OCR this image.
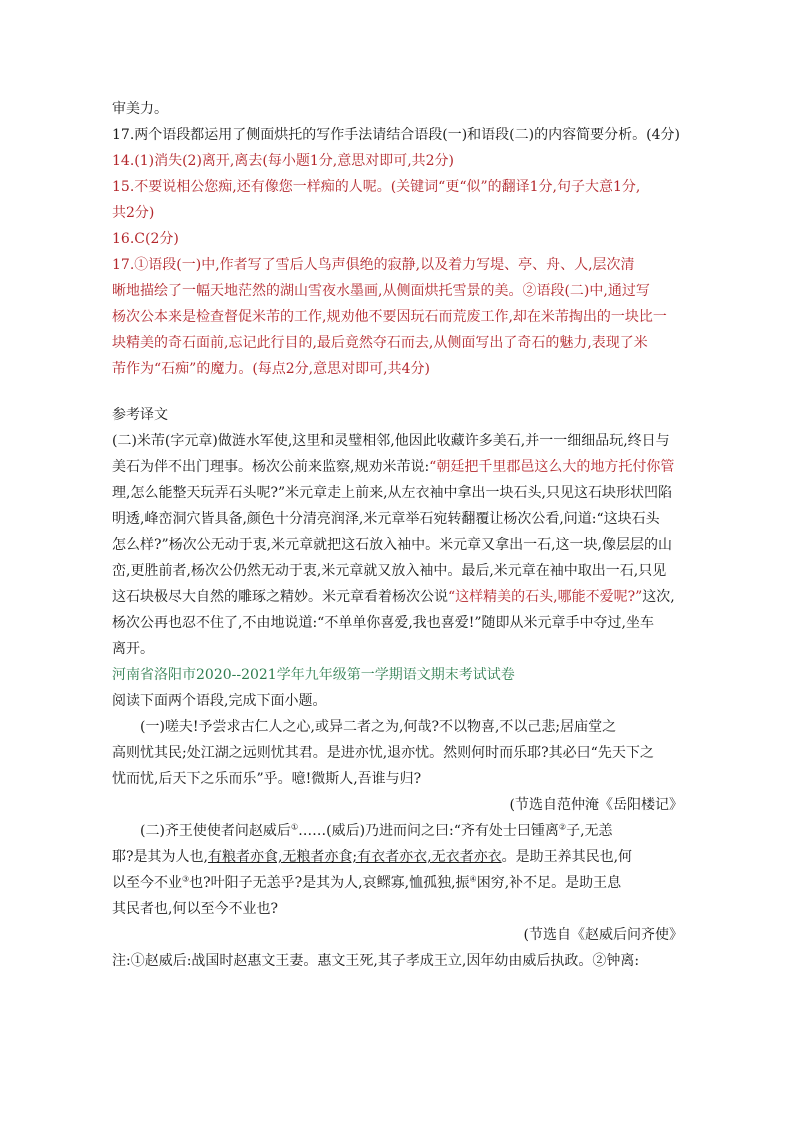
审美力。
17.两个语段都运用了侧面烘托的写作手法请结合语段(一)和语段(二)的内容简要分析。(4分)
14.(1)消失(2)离开,离去(每小题1分,意思对即可,共2分)
15.不要说相公您痴,还有像您一样痴的人呢。(关键词“更“似”的翻译1分,句子大意1分,
共2分)
16.C(2分)
17.①语段(一)中,作者写了雪后人鸟声俱绝的寂静,以及着力写堤、亭、舟、人,层次清
晰地描绘了一幅天地茫然的湖山雪夜水墨画,从侧面烘托雪景的美。②语段(二)中,通过写
杨次公本来是检查督促米芾的工作,规劝他不要因玩石而荒废工作,却在米芾掏出的一块比一
块精美的奇石面前,忘记此行目的,最后竟然夺石而去,从侧面写出了奇石的魅力,表现了米
芾作为“石痴”的魔力。(每点2分,意思对即可,共4分)
参考译文
(二)米芾(字元章)做涟水军使,这里和灵璧相邻,他因此收藏许多美石,并一一细细品玩,终日与
美石为伴不出门理事。杨次公前来监察,规劝米芾说:“朝廷把千里郡邑这么大的地方托付你管
理,怎么能整天玩弄石头呢?”米元章走上前来,从左衣袖中拿出一块石头,只见这石块形状凹陷
明透,峰峦洞穴皆具备,颜色十分清亮润泽,米元章举石宛转翻覆让杨次公看,问道:“这块石头
怎么样?”杨次公无动于衷,米元章就把这石放入袖中。米元章又拿出一石,这一块,像层层的山
峦,更胜前者,杨次公仍然无动于衷,米元章就又放入袖中。最后,米元章在袖中取出一石,只见
这石块极尽大自然的雕琢之精妙。米元章看着杨次公说“这样精美的石头,哪能不爱呢?”这次,
杨次公再也忍不住了,不由地说道:“不单单你喜爱,我也喜爱!”随即从米元章手中夺过,坐车
离开。
河南省洛阳市2020--2021学年九年级第一学期语文期末考试试卷
阅读下面两个语段,完成下面小题。
(一)嗟夫!予尝求古仁人之心,或异二者之为,何哉?不以物喜,不以己悲;居庙堂之
高则忧其民;处江湖之远则忧其君。是进亦忧,退亦忧。然则何时而乐耶?其必曰“先天下之
忧而忧,后天下之乐而乐”乎。噫!微斯人,吾谁与归?
(节选自范仲淹《岳阳楼记》
(二)齐王使使者问赵威后①……(威后)乃进而问之曰:“齐有处士曰锺离②子,无恙
耶?是其为人也,有粮者亦食,无粮者亦食;有衣者亦衣,无衣者亦衣。是助王养其民也,何
以至今不业③也?叶阳子无恙乎?是其为人,哀鳏寡,恤孤独,振④困穷,补不足。是助王息
其民者也,何以至今不业也?
(节选自《赵威后问齐使》
注:①赵威后:战国时赵惠文王妻。惠文王死,其子孝成王立,因年幼由威后执政。②钟离:
